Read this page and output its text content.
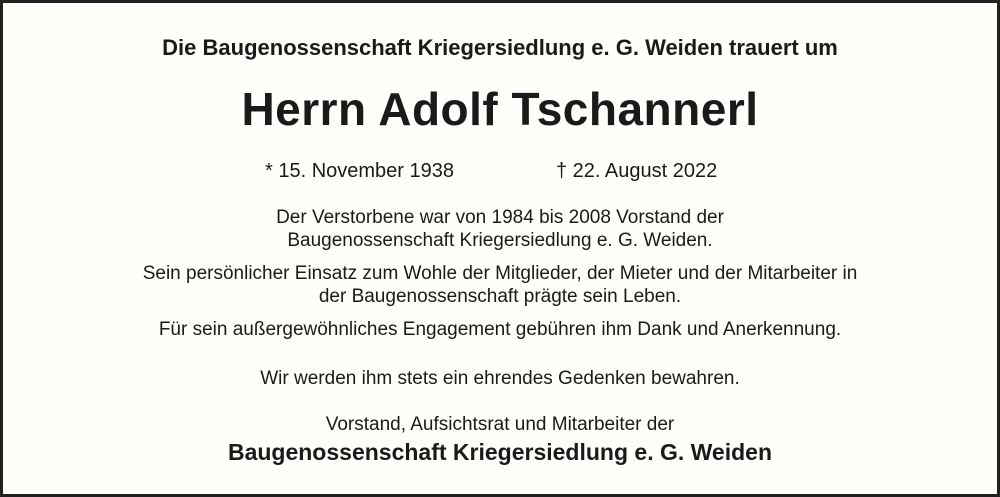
Die Baugenossenschaft Kriegersiedlung e. G. Weiden trauert um
Herrn Adolf Tschannerl
* 15. November 1938	† 22. August 2022
Der Verstorbene war von 1984 bis 2008 Vorstand der
Baugenossenschaft Kriegersiedlung e. G. Weiden.
Sein persönlicher Einsatz zum Wohle der Mitglieder, der Mieter und der Mitarbeiter in
der Baugenossenschaft prägte sein Leben.
Für sein außergewöhnliches Engagement gebühren ihm Dank und Anerkennung.
Wir werden ihm stets ein ehrendes Gedenken bewahren.
Vorstand, Aufsichtsrat und Mitarbeiter der
Baugenossenschaft Kriegersiedlung e. G. Weiden
